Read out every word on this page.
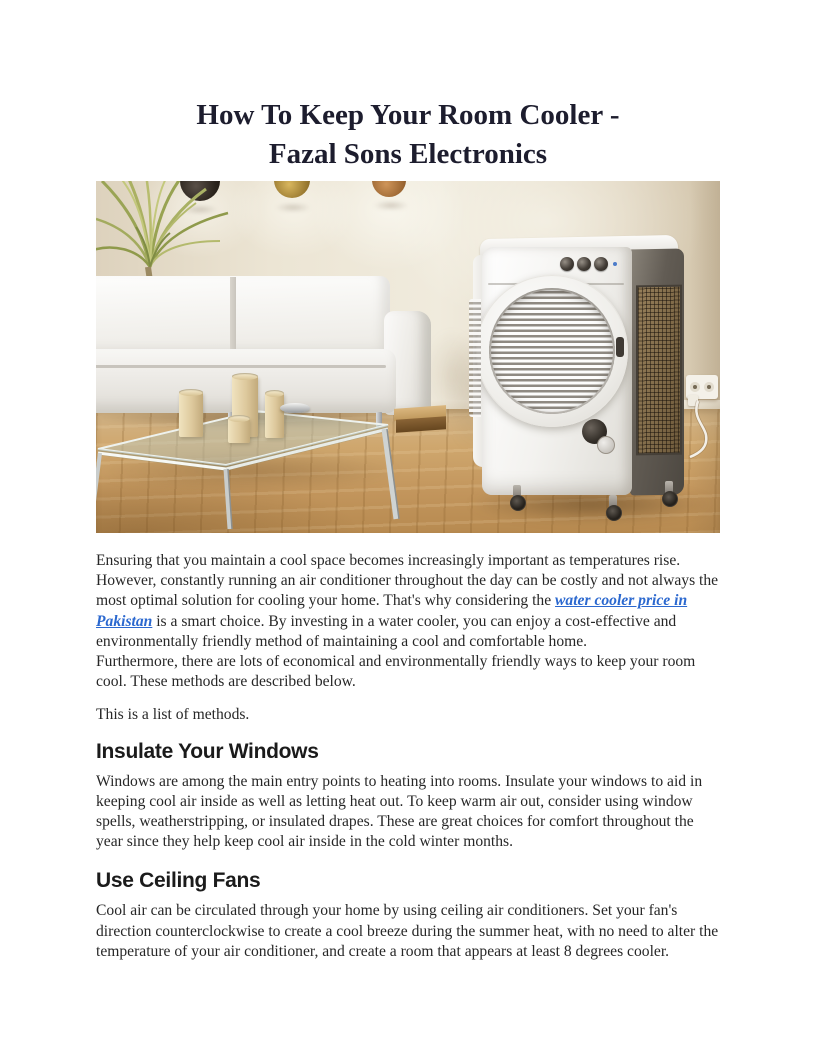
How To Keep Your Room Cooler -
Fazal Sons Electronics

Ensuring that you maintain a cool space becomes increasingly important as temperatures rise. However, constantly running an air conditioner throughout the day can be costly and not always the most optimal solution for cooling your home. That's why considering the water cooler price in Pakistan is a smart choice. By investing in a water cooler, you can enjoy a cost-effective and environmentally friendly method of maintaining a cool and comfortable home.

Furthermore, there are lots of economical and environmentally friendly ways to keep your room cool. These methods are described below.

This is a list of methods.

Insulate Your Windows

Windows are among the main entry points to heating into rooms. Insulate your windows to aid in keeping cool air inside as well as letting heat out. To keep warm air out, consider using window spells, weatherstripping, or insulated drapes. These are great choices for comfort throughout the year since they help keep cool air inside in the cold winter months.

Use Ceiling Fans

Cool air can be circulated through your home by using ceiling air conditioners. Set your fan's direction counterclockwise to create a cool breeze during the summer heat, with no need to alter the temperature of your air conditioner, and create a room that appears at least 8 degrees cooler.
